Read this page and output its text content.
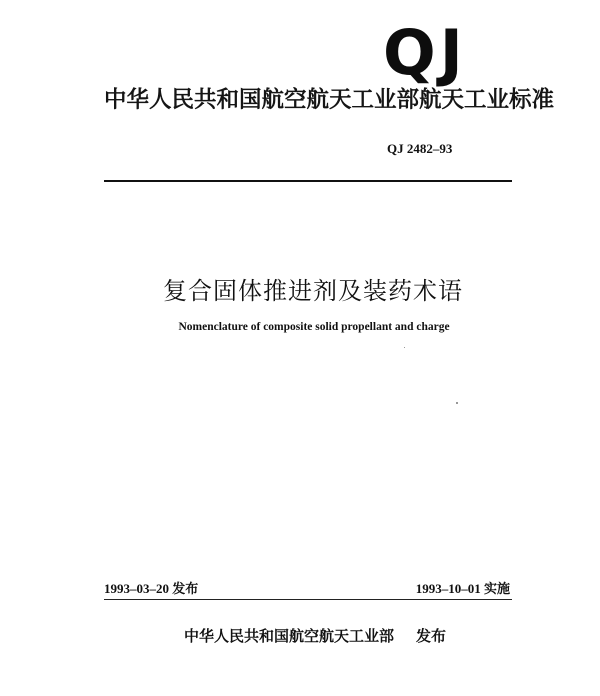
QJ
中华人民共和国航空航天工业部航天工业标准
QJ 2482–93
复合固体推进剂及装药术语
Nomenclature of composite solid propellant and charge
1993–03–20 发布	1993–10–01 实施
中华人民共和国航空航天工业部 发布
